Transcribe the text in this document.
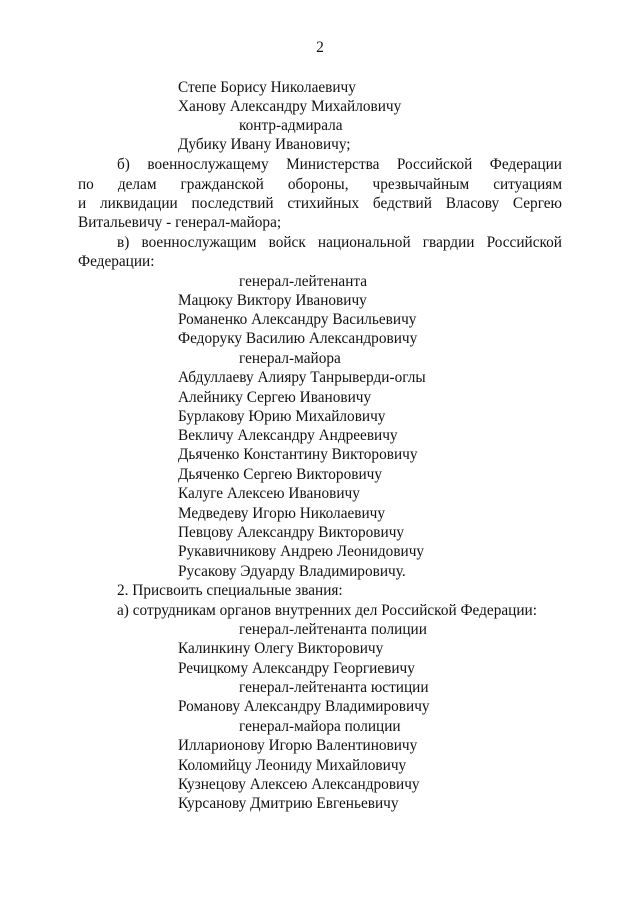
2
Степе Борису Николаевичу
Ханову Александру Михайловичу
контр-адмирала
Дубику Ивану Ивановичу;
б) военнослужащему Министерства Российской Федерации
по делам гражданской обороны, чрезвычайным ситуациям
и ликвидации последствий стихийных бедствий Власову Сергею
Витальевичу - генерал-майора;
в) военнослужащим войск национальной гвардии Российской
Федерации:
генерал-лейтенанта
Мацюку Виктору Ивановичу
Романенко Александру Васильевичу
Федоруку Василию Александровичу
генерал-майора
Абдуллаеву Алияру Танрыверди-оглы
Алейнику Сергею Ивановичу
Бурлакову Юрию Михайловичу
Векличу Александру Андреевичу
Дьяченко Константину Викторовичу
Дьяченко Сергею Викторовичу
Калуге Алексею Ивановичу
Медведеву Игорю Николаевичу
Певцову Александру Викторовичу
Рукавичникову Андрею Леонидовичу
Русакову Эдуарду Владимировичу.
2. Присвоить специальные звания:
а) сотрудникам органов внутренних дел Российской Федерации:
генерал-лейтенанта полиции
Калинкину Олегу Викторовичу
Речицкому Александру Георгиевичу
генерал-лейтенанта юстиции
Романову Александру Владимировичу
генерал-майора полиции
Илларионову Игорю Валентиновичу
Коломийцу Леониду Михайловичу
Кузнецову Алексею Александровичу
Курсанову Дмитрию Евгеньевичу
